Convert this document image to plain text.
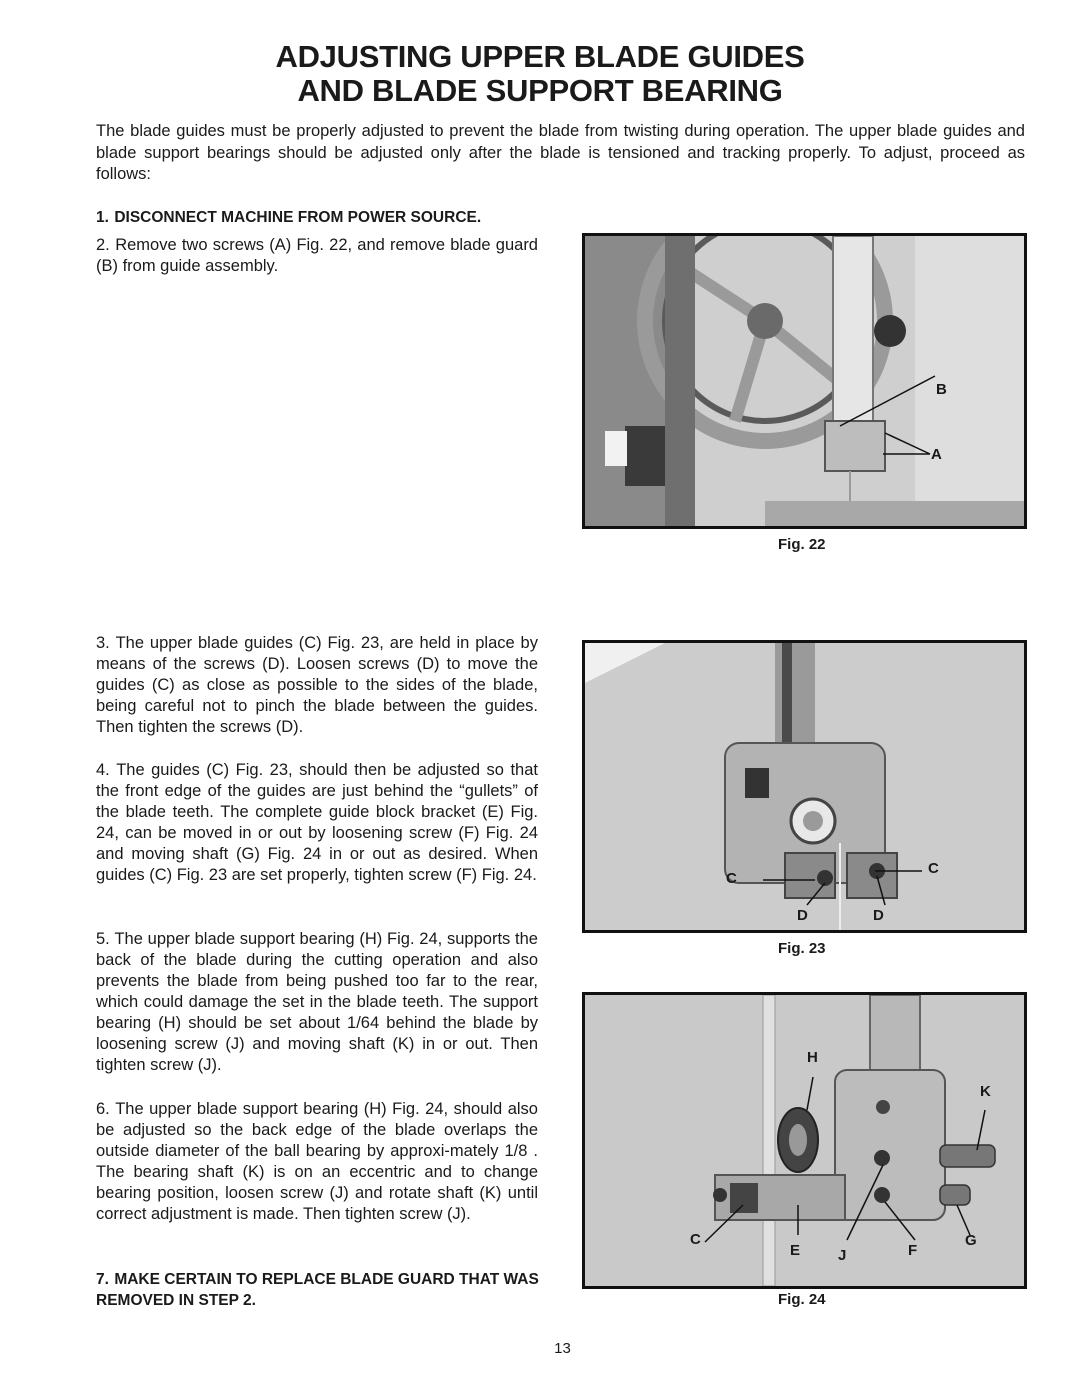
ADJUSTING UPPER BLADE GUIDES
AND BLADE SUPPORT BEARING

The blade guides must be properly adjusted to prevent the blade from twisting during operation. The upper blade guides and blade support bearings should be adjusted only after the blade is tensioned and tracking properly. To adjust, proceed as follows:

1. DISCONNECT MACHINE FROM POWER SOURCE.

2. Remove two screws (A) Fig. 22, and remove blade guard (B) from guide assembly.

3. The upper blade guides (C) Fig. 23, are held in place by means of the screws (D). Loosen screws (D) to move the guides (C) as close as possible to the sides of the blade, being careful not to pinch the blade between the guides. Then tighten the screws (D).

4. The guides (C) Fig. 23, should then be adjusted so that the front edge of the guides are just behind the “gullets” of the blade teeth. The complete guide block bracket (E) Fig. 24, can be moved in or out by loosening screw (F) Fig. 24 and moving shaft (G) Fig. 24 in or out as desired. When guides (C) Fig. 23 are set properly, tighten screw (F) Fig. 24.

5. The upper blade support bearing (H) Fig. 24, supports the back of the blade during the cutting operation and also prevents the blade from being pushed too far to the rear, which could damage the set in the blade teeth. The support bearing (H) should be set about 1/64 behind the blade by loosening screw (J) and moving shaft (K) in or out. Then tighten screw (J).

6. The upper blade support bearing (H) Fig. 24, should also be adjusted so the back edge of the blade overlaps the outside diameter of the ball bearing by approxi-mately 1/8 . The bearing shaft (K) is on an eccentric and to change bearing position, loosen screw (J) and rotate shaft (K) until correct adjustment is made. Then tighten screw (J).

7. MAKE CERTAIN TO REPLACE BLADE GUARD THAT WAS REMOVED IN STEP 2.

B
A
Fig. 22
C
C
D	D
Fig. 23
H
K
C
E	J	F
G
Fig. 24
13
